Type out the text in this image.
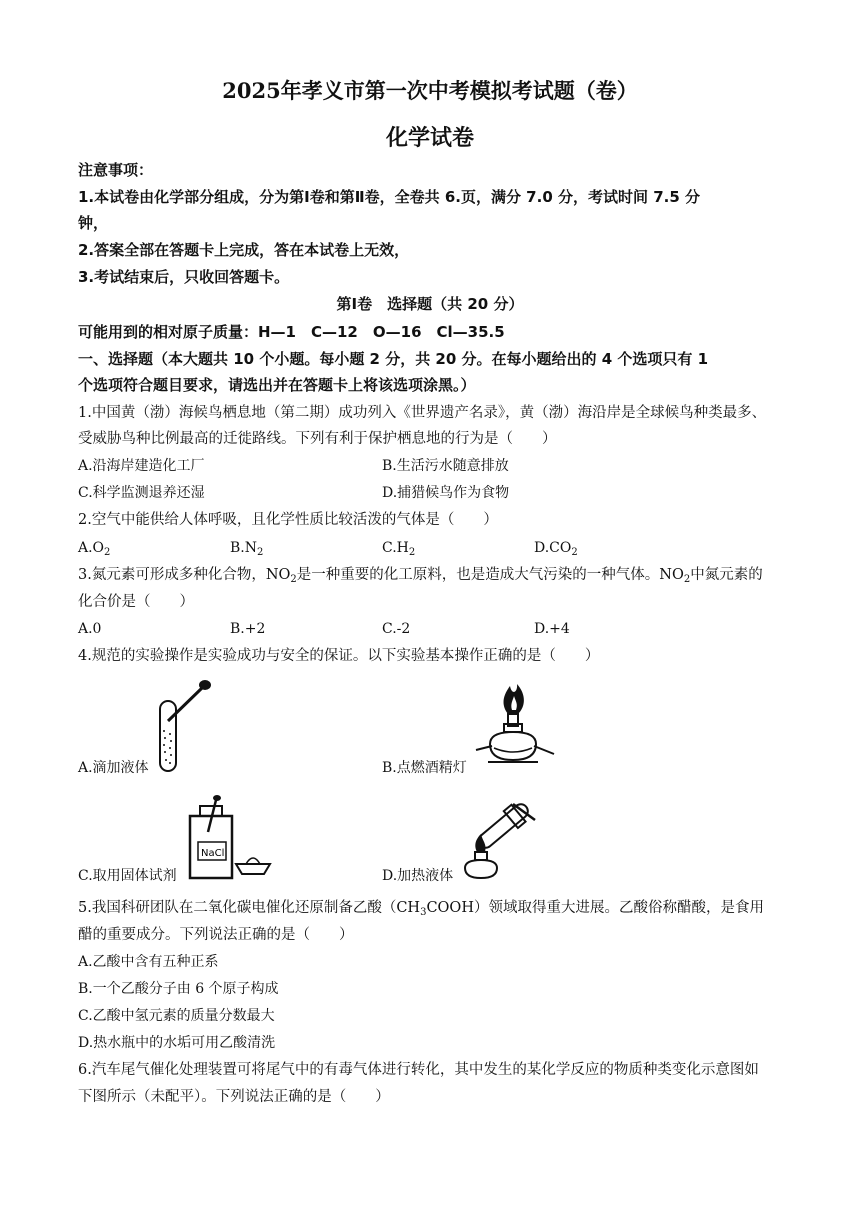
2025年孝义市第一次中考模拟考试题（卷）
化学试卷
注意事项：
1.本试卷由化学部分组成，分为第Ⅰ卷和第Ⅱ卷，全卷共 6.页，满分 7.0 分，考试时间 7.5 分
钟，
2.答案全部在答题卡上完成，答在本试卷上无效，
3.考试结束后，只收回答题卡。
第Ⅰ卷　选择题（共 20 分）
可能用到的相对原子质量：H—1　C—12　O—16　Cl—35.5
一、选择题（本大题共 10 个小题。每小题 2 分，共 20 分。在每小题给出的 4 个选项只有 1
个选项符合题目要求，请选出并在答题卡上将该选项涂黑。）
1.中国黄（渤）海候鸟栖息地（第二期）成功列入《世界遗产名录》，黄（渤）海沿岸是全球候鸟种类最多、
受威胁鸟种比例最高的迁徙路线。下列有利于保护栖息地的行为是（　　）
A.沿海岸建造化工厂	B.生活污水随意排放
C.科学监测退养还湿	D.捕猎候鸟作为食物
2.空气中能供给人体呼吸，且化学性质比较活泼的气体是（　　）
$A.O_2$	$B.N_2$	$C.H_2$	$D.CO_2$
3.氮元素可形成多种化合物，$NO_2$是一种重要的化工原料，也是造成大气污染的一种气体。$NO_2$中氮元素的
化合价是（　　）
A.0	B.+2	C.-2	D.+4
4.规范的实验操作是实验成功与安全的保证。以下实验基本操作正确的是（　　）
A.滴加液体	B.点燃酒精灯
NaCl
C.取用固体试剂	D.加热液体
5.我国科研团队在二氧化碳电催化还原制备乙酸$(CH_3COOH)$领域取得重大进展。乙酸俗称醋酸，是食用
醋的重要成分。下列说法正确的是（　　）
A.乙酸中含有五种正系
B.一个乙酸分子由 6 个原子构成
C.乙酸中氢元素的质量分数最大
D.热水瓶中的水垢可用乙酸清洗
6.汽车尾气催化处理装置可将尾气中的有毒气体进行转化，其中发生的某化学反应的物质种类变化示意图如
下图所示（未配平）。下列说法正确的是（　　）
